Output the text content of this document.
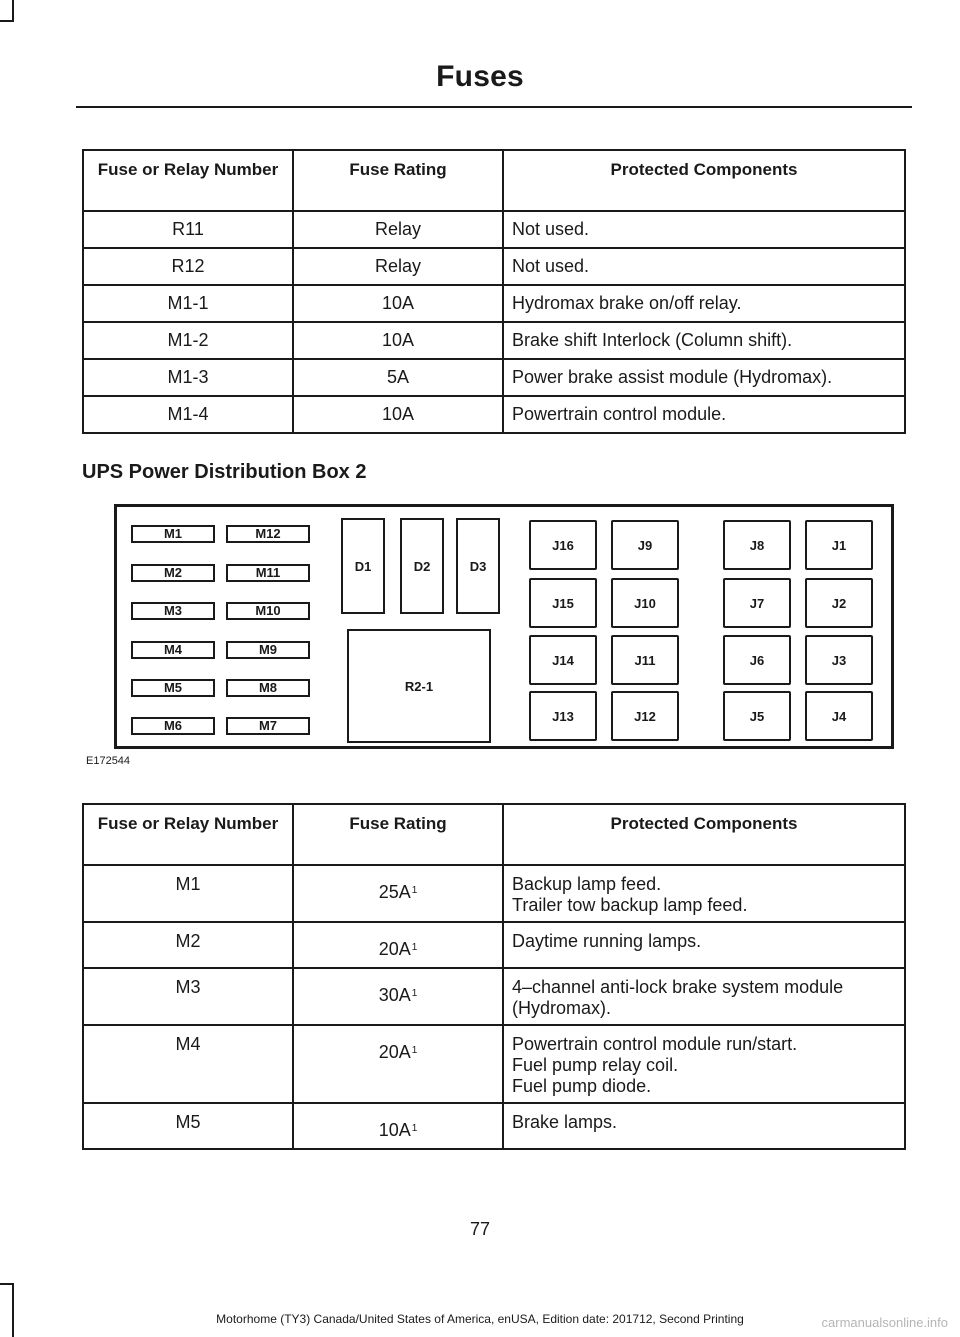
Fuses
Fuse or Relay Number	Fuse Rating	Protected Components
R11	Relay	Not used.
R12	Relay	Not used.
M1-1	10A	Hydromax brake on/off relay.
M1-2	10A	Brake shift Interlock (Column shift).
M1-3	5A	Power brake assist module (Hydromax).
M1-4	10A	Powertrain control module.
UPS Power Distribution Box 2
M1
M2
M3
M4
M5
M6
M12
M11
M10
M9
M8
M7
D1	D2	D3
R2-1
J16
J15
J14
J13
J9
J10
J11
J12
J8
J7
J6
J5
J1
J2
J3
J4
E172544
Fuse or Relay Number	Fuse Rating	Protected Components
M1	$25A^1$	Backup lamp feed.
Trailer tow backup lamp feed.

M2	$20A^1$	Daytime running lamps.

M3	$30A^1$	4–channel anti-lock brake system module
(Hydromax).

M4	$20A^1$	Powertrain control module run/start.
Fuel pump relay coil.
Fuel pump diode.

M5	$10A^1$	Brake lamps.
77
Motorhome (TY3) Canada/United States of America, enUSA, Edition date: 201712, Second Printing	carmanualsonline.info
